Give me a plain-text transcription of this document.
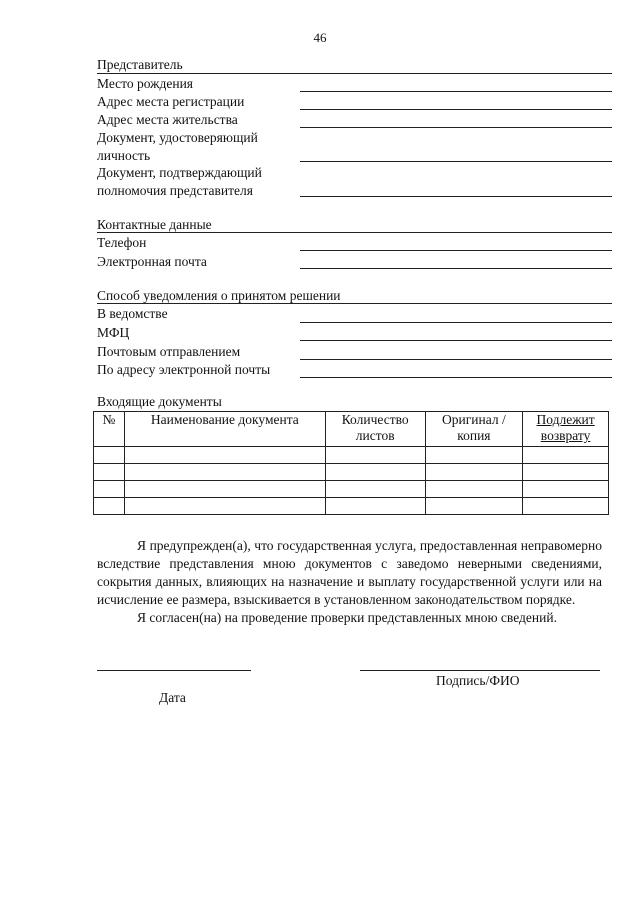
46
Представитель
Место рождения
Адрес места регистрации
Адрес места жительства
Документ, удостоверяющий
личность
Документ, подтверждающий
полномочия представителя
Контактные данные
Телефон
Электронная почта
Способ уведомления о принятом решении
В ведомстве
МФЦ
Почтовым отправлением
По адресу электронной почты
Входящие документы
№	Наименование документа	Количество листов	Оригинал /копия	Подлежит возврату

Я предупрежден(а), что государственная услуга, предоставленная неправомерно вследствие представления мною документов с заведомо неверными сведениями, сокрытия данных, влияющих на назначение и выплату государственной услуги или на исчисление ее размера, взыскивается в установленном законодательством порядке.

Я согласен(на) на проведение проверки представленных мною сведений.

Подпись/ФИО
Дата
